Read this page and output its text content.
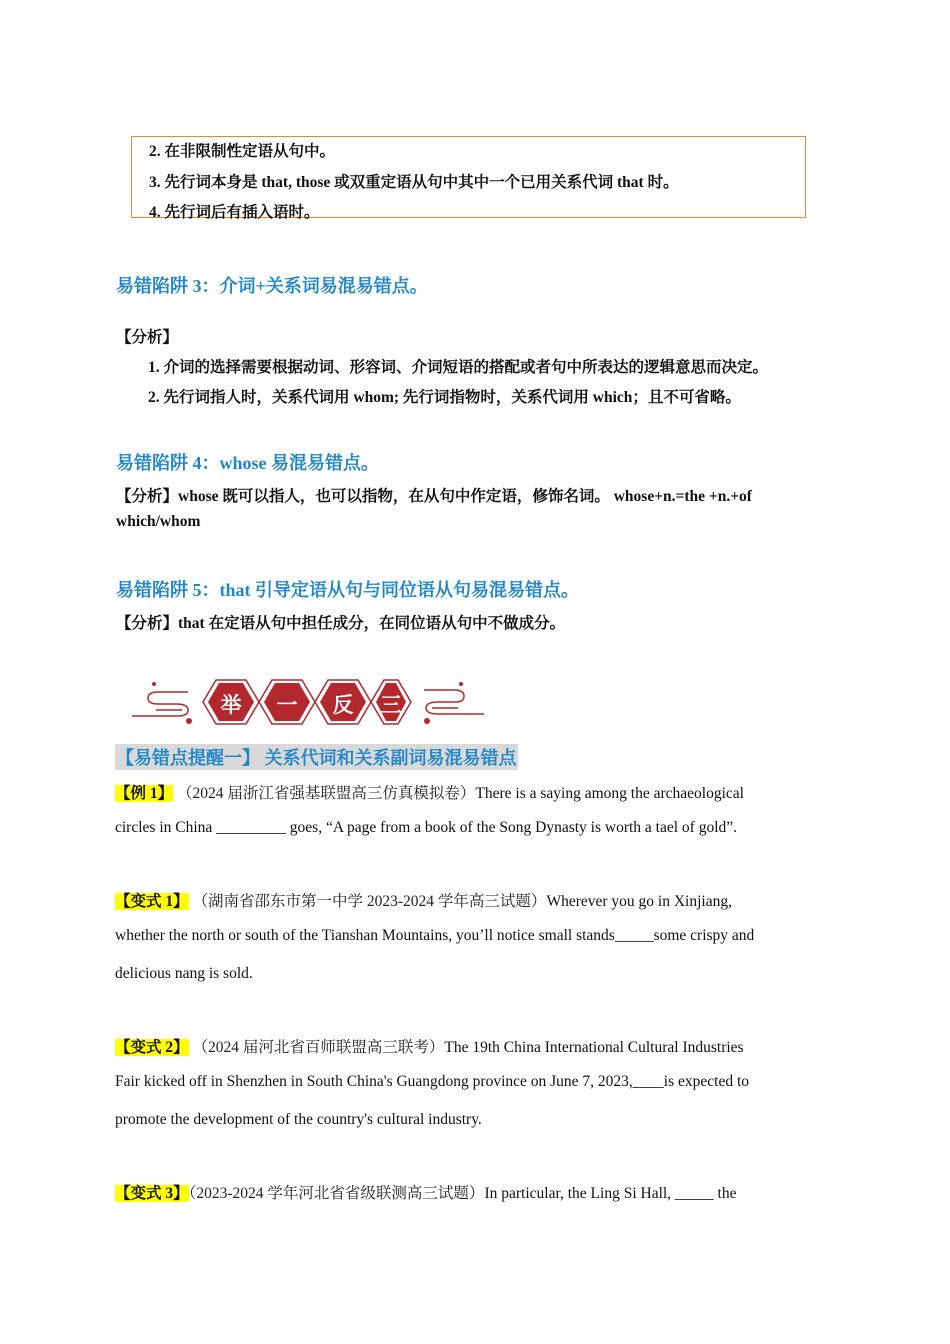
2. 在非限制性定语从句中。
3. 先行词本身是 that, those 或双重定语从句中其中一个已用关系代词 that 时。
4. 先行词后有插入语时。
易错陷阱 3：介词+关系词易混易错点。
【分析】
1. 介词的选择需要根据动词、形容词、介词短语的搭配或者句中所表达的逻辑意思而决定。
2. 先行词指人时，关系代词用 whom; 先行词指物时，关系代词用 which；且不可省略。
易错陷阱 4：whose 易混易错点。
【分析】whose 既可以指人，也可以指物，在从句中作定语，修饰名词。 whose+n.=the +n.+of
which/whom
易错陷阱 5：that 引导定语从句与同位语从句易混易错点。
【分析】that 在定语从句中担任成分，在同位语从句中不做成分。
举 一 反 三
【易错点提醒一】 关系代词和关系副词易混易错点
【例 1】 （2024 届浙江省强基联盟高三仿真模拟卷）There is a saying among the archaeological
circles in China _________ goes, “A page from a book of the Song Dynasty is worth a tael of gold”.
【变式 1】 （湖南省邵东市第一中学 2023-2024 学年高三试题）Wherever you go in Xinjiang,
whether the north or south of the Tianshan Mountains, you’ll notice small stands_____some crispy and
delicious nang is sold.
【变式 2】 （2024 届河北省百师联盟高三联考）The 19th China International Cultural Industries
Fair kicked off in Shenzhen in South China's Guangdong province on June 7, 2023,____is expected to
promote the development of the country's cultural industry.
【变式 3】（2023-2024 学年河北省省级联测高三试题）In particular, the Ling Si Hall, _____ the
